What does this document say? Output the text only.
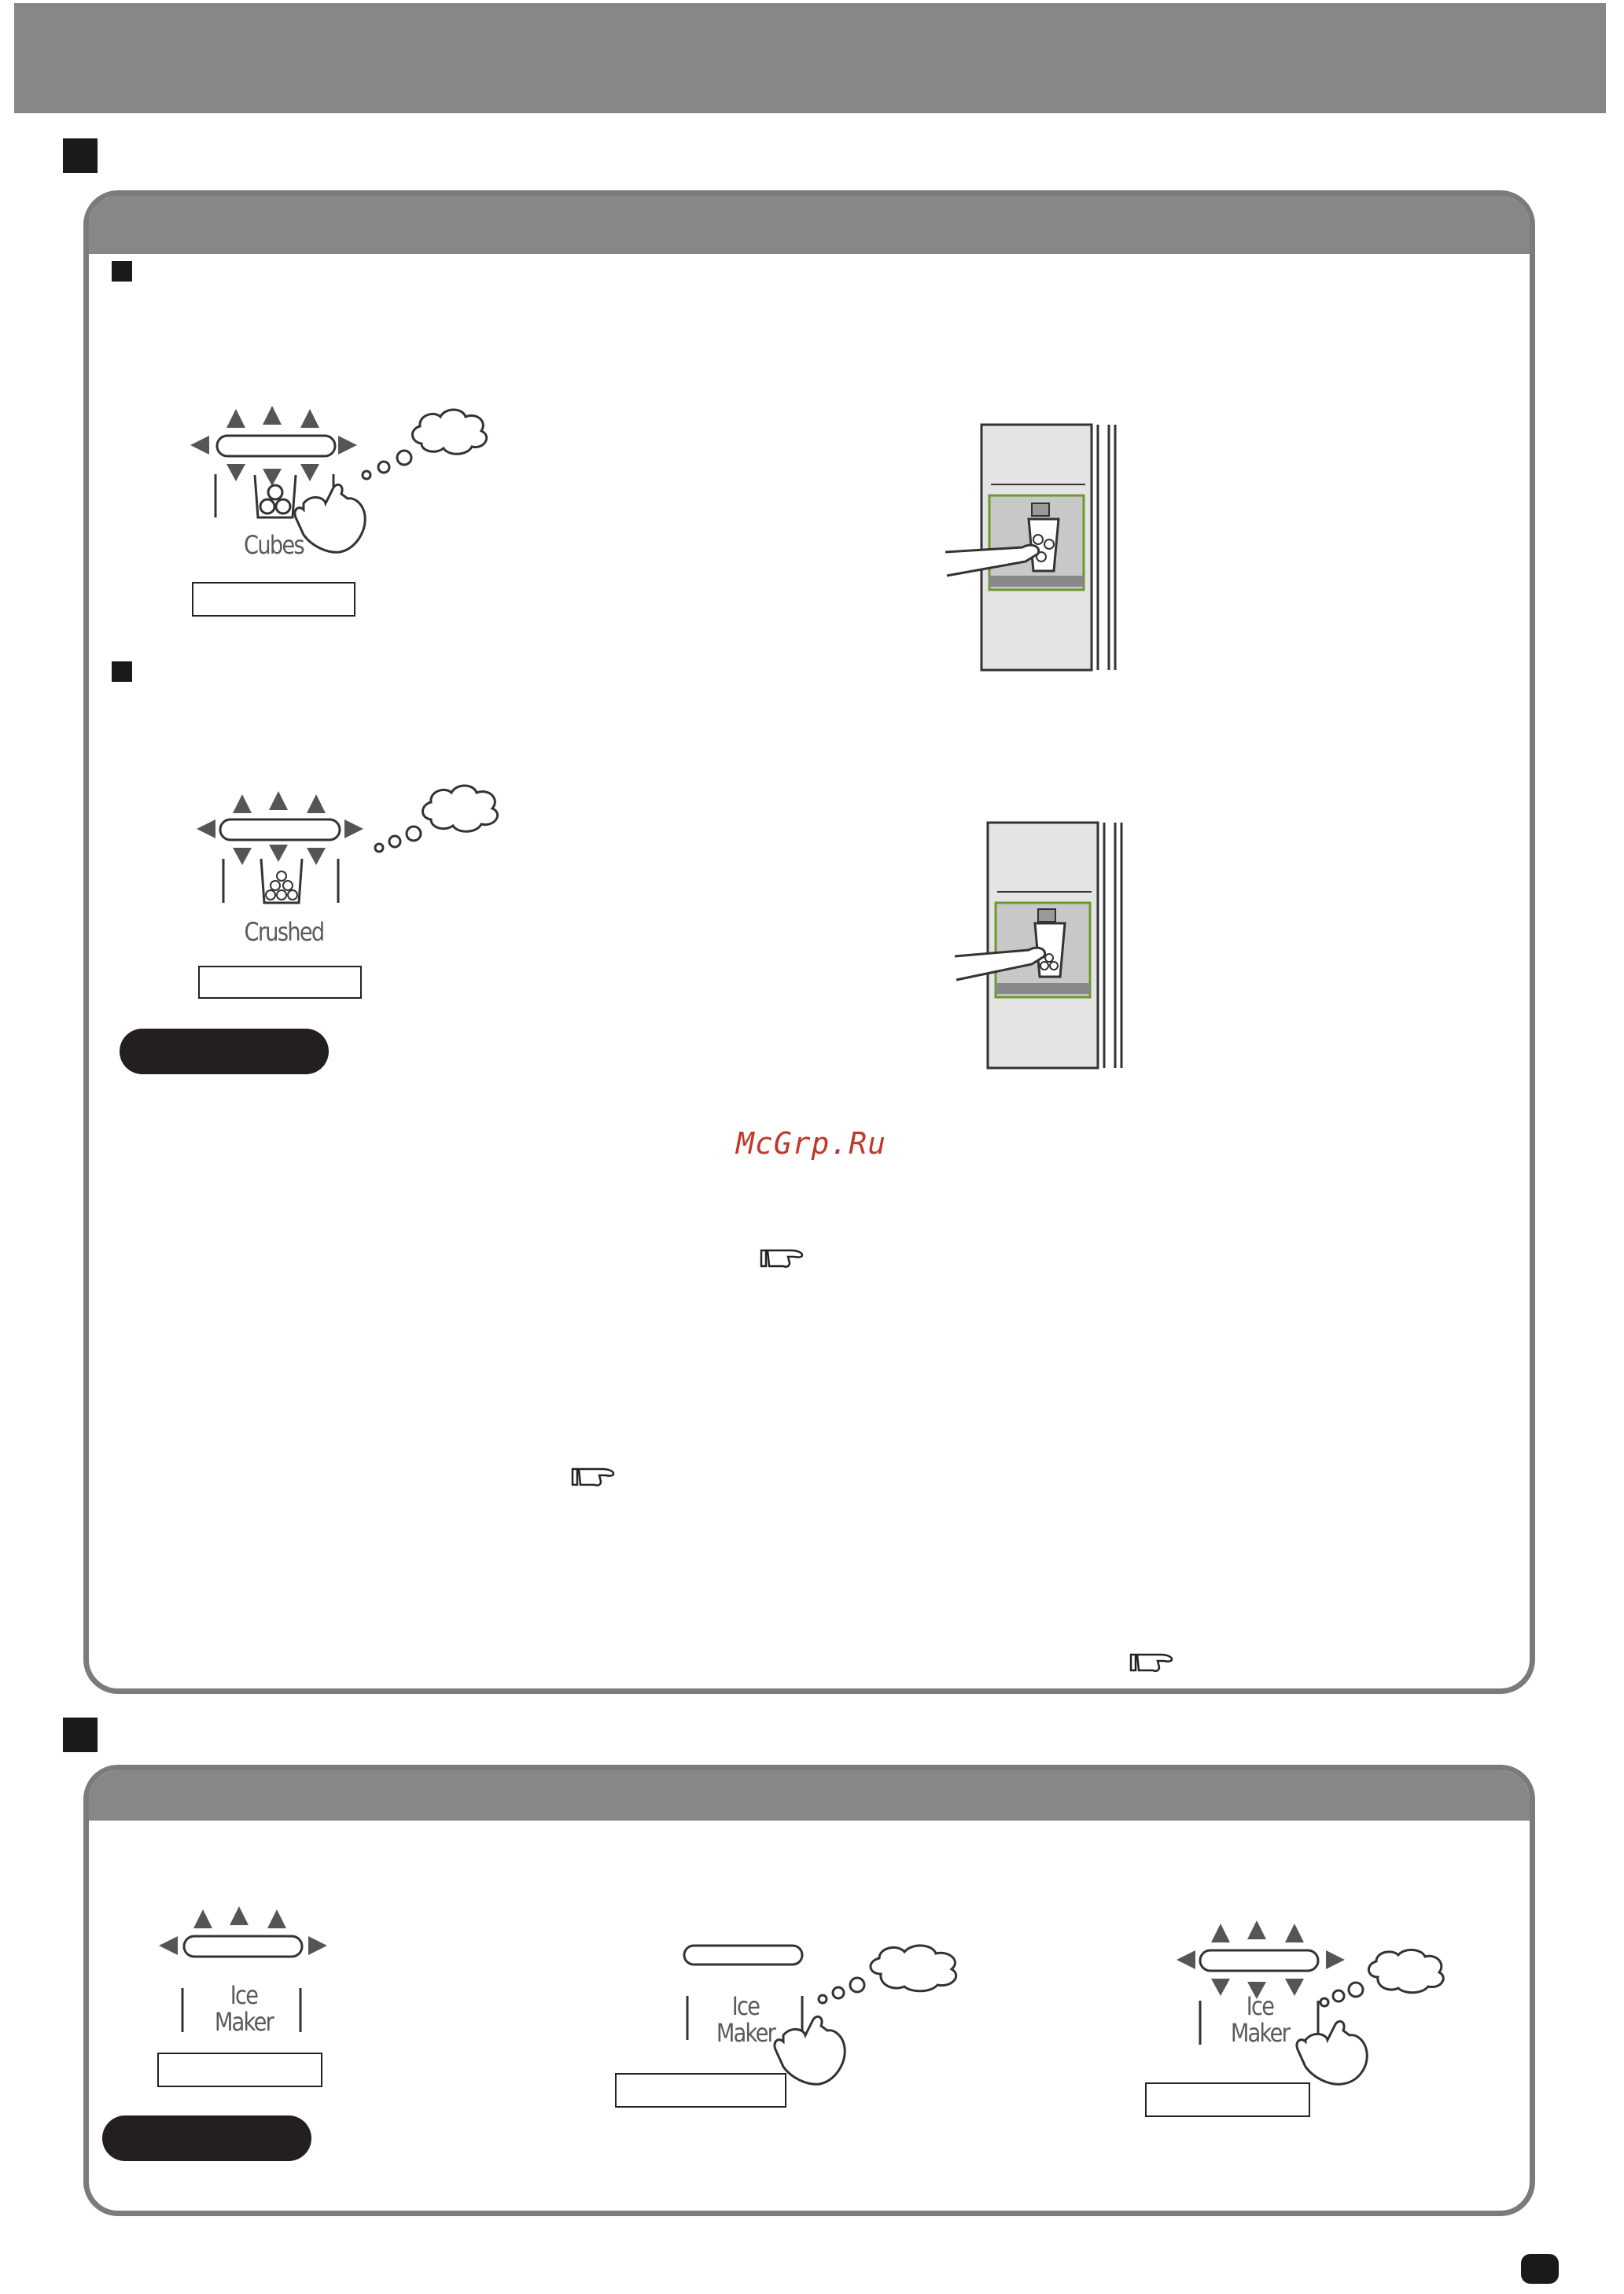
Cubes
Crushed
McGrp.Ru
Ice
Maker
Ice
Maker
Ice
Maker
